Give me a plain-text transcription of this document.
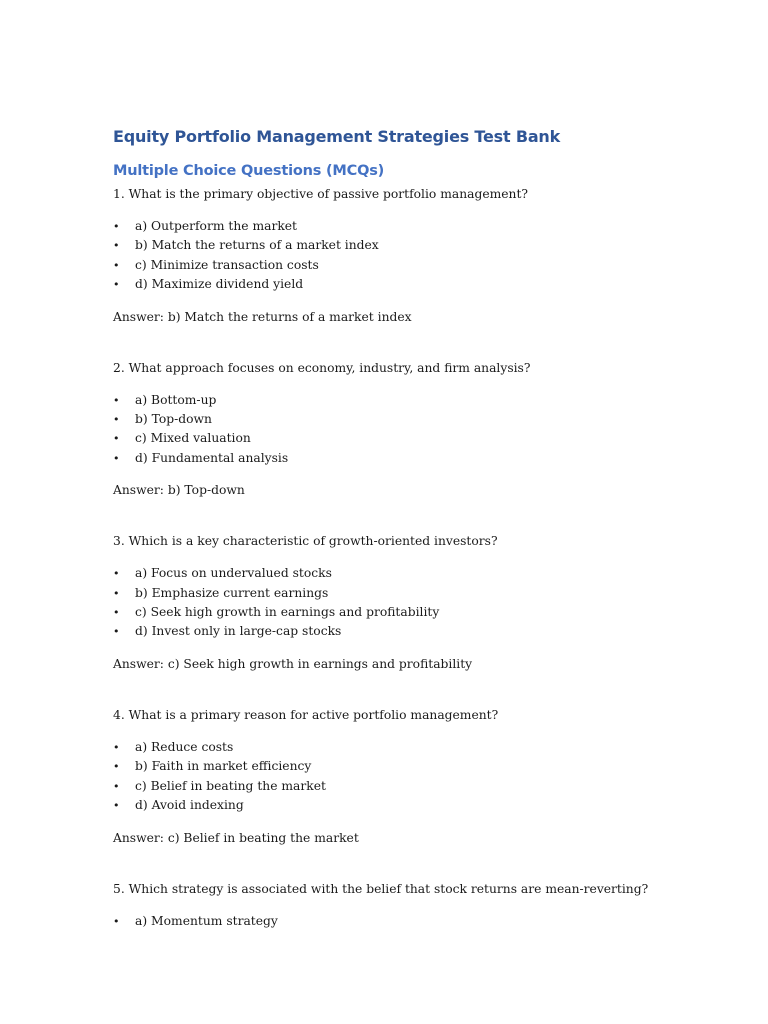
Equity Portfolio Management Strategies Test Bank
Multiple Choice Questions (MCQs)

1. What is the primary objective of passive portfolio management?

• a) Outperform the market
• b) Match the returns of a market index
• c) Minimize transaction costs
• d) Maximize dividend yield

Answer: b) Match the returns of a market index

2. What approach focuses on economy, industry, and firm analysis?

• a) Bottom-up
• b) Top-down
• c) Mixed valuation
• d) Fundamental analysis

Answer: b) Top-down

3. Which is a key characteristic of growth-oriented investors?

• a) Focus on undervalued stocks
• b) Emphasize current earnings
• c) Seek high growth in earnings and profitability
• d) Invest only in large-cap stocks

Answer: c) Seek high growth in earnings and profitability

4. What is a primary reason for active portfolio management?

• a) Reduce costs
• b) Faith in market efficiency
• c) Belief in beating the market
• d) Avoid indexing

Answer: c) Belief in beating the market

5. Which strategy is associated with the belief that stock returns are mean-reverting?

• a) Momentum strategy
